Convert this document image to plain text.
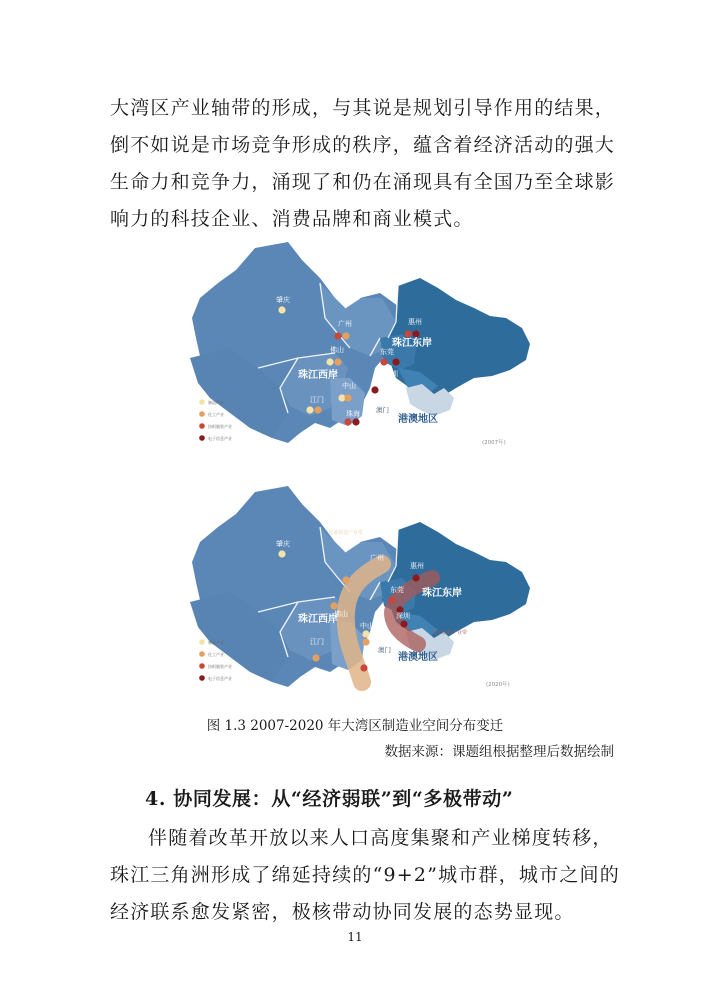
大湾区产业轴带的形成，与其说是规划引导作用的结果，
倒不如说是市场竞争形成的秩序，蕴含着经济活动的强大
生命力和竞争力，涌现了和仍在涌现具有全国乃至全球影
响力的科技企业、消费品牌和商业模式。
肇庆
广州	惠州
佛山	东莞
珠江东岸
深圳
珠江西岸
中山
江门
珠海 澳门
港澳地区
制造产业
化工产业
纺织服装产业
电子信息产业
(2007年)
肇庆
广州
惠州
佛山
东莞 珠江东岸
深圳
珠江西岸
中山
江门
珠海
澳门
港澳地区
装备制造产业带
电子信息产业带
制造产业
化工产业
纺织服装产业
电子信息产业
(2020年)
图 1.3 2007-2020 年大湾区制造业空间分布变迁
数据来源：课题组根据整理后数据绘制
4. 协同发展：从“经济弱联”到“多极带动”
伴随着改革开放以来人口高度集聚和产业梯度转移，
珠江三角洲形成了绵延持续的“9+2”城市群，城市之间的
经济联系愈发紧密，极核带动协同发展的态势显现。
11
